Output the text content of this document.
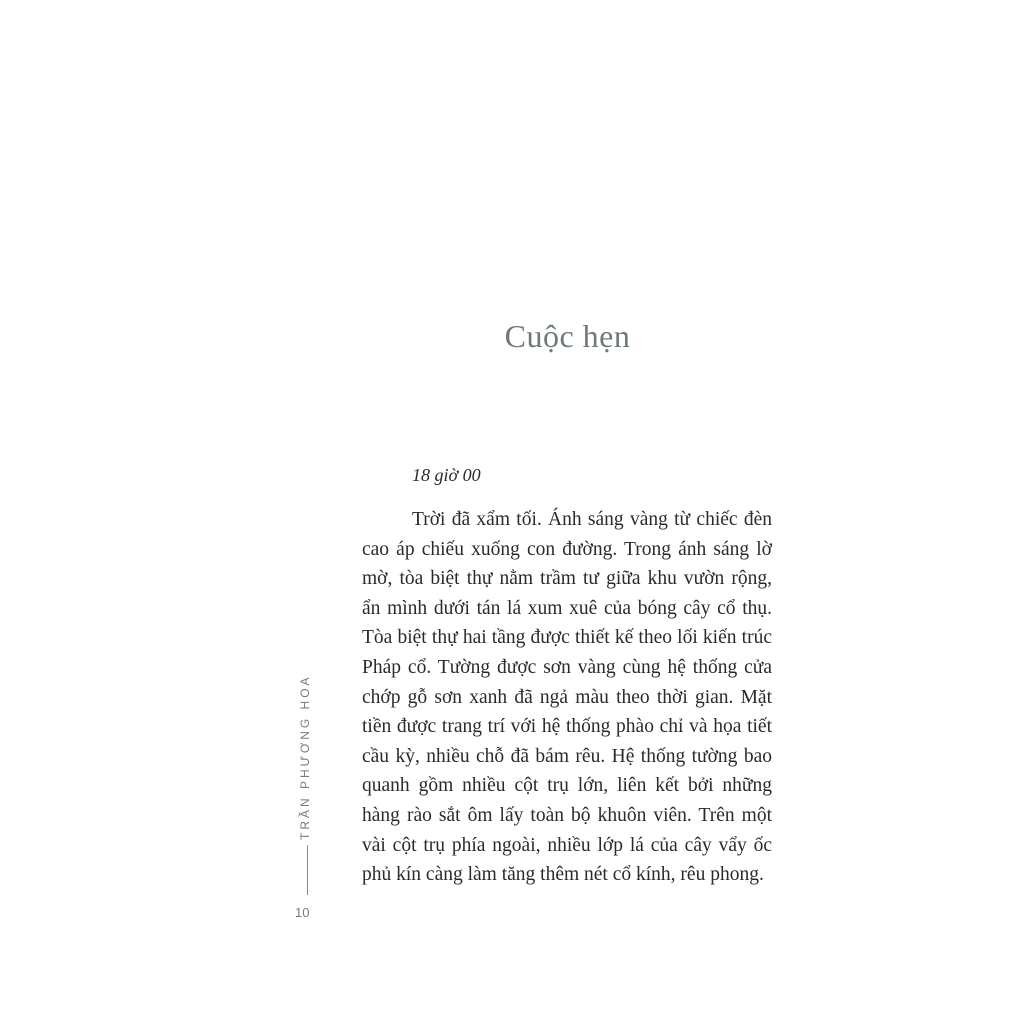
Cuộc hẹn
18 giờ 00

Trời đã xẩm tối. Ánh sáng vàng từ chiếc đèn cao áp chiếu xuống con đường. Trong ánh sáng lờ mờ, tòa biệt thự nằm trầm tư giữa khu vườn rộng, ẩn mình dưới tán lá xum xuê của bóng cây cổ thụ. Tòa biệt thự hai tầng được thiết kế theo lối kiến trúc Pháp cổ. Tường được sơn vàng cùng hệ thống cửa chớp gỗ sơn xanh đã ngả màu theo thời gian. Mặt tiền được trang trí với hệ thống phào chỉ và họa tiết cầu kỳ, nhiều chỗ đã bám rêu. Hệ thống tường bao quanh gồm nhiều cột trụ lớn, liên kết bởi những hàng rào sắt ôm lấy toàn bộ khuôn viên. Trên một vài cột trụ phía ngoài, nhiều lớp lá của cây vẩy ốc phủ kín càng làm tăng thêm nét cổ kính, rêu phong.

TRẦN PHƯƠNG HOA
10
